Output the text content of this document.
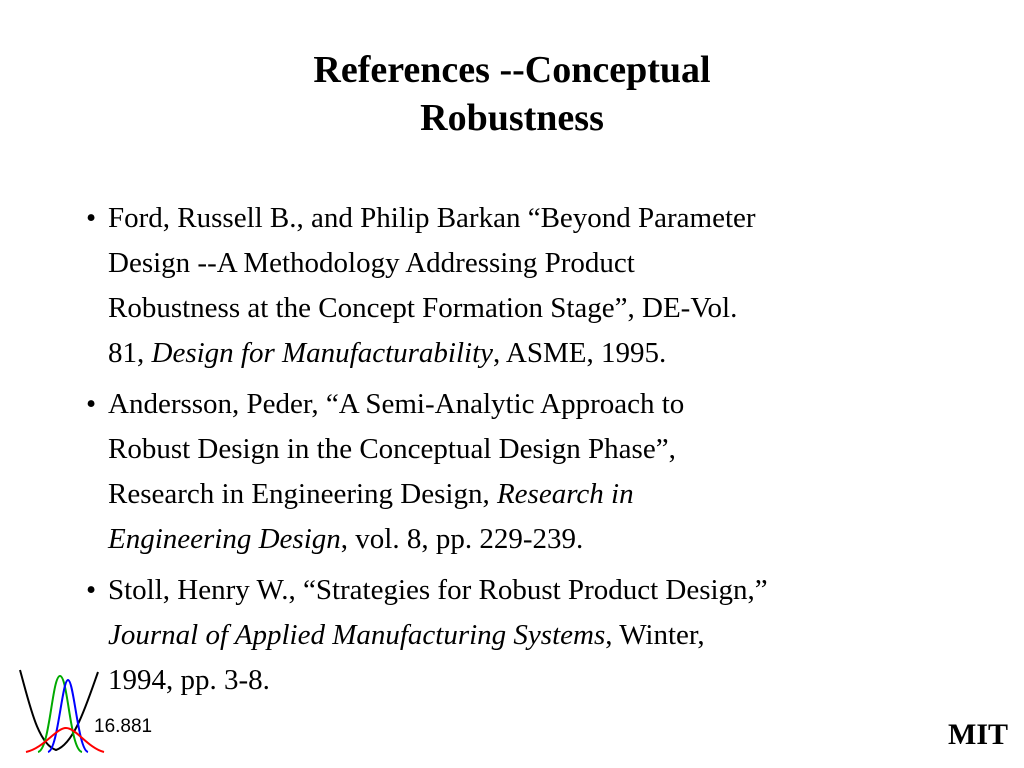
References --Conceptual
Robustness
• Ford, Russell B., and Philip Barkan “Beyond Parameter
Design --A Methodology Addressing Product
Robustness at the Concept Formation Stage”, DE-Vol.
81, Design for Manufacturability, ASME, 1995.
• Andersson, Peder, “A Semi-Analytic Approach to
Robust Design in the Conceptual Design Phase”,
Research in Engineering Design, Research in
Engineering Design, vol. 8, pp. 229-239.
• Stoll, Henry W., “Strategies for Robust Product Design,”
Journal of Applied Manufacturing Systems, Winter,
1994, pp. 3-8.
16.881	MIT
